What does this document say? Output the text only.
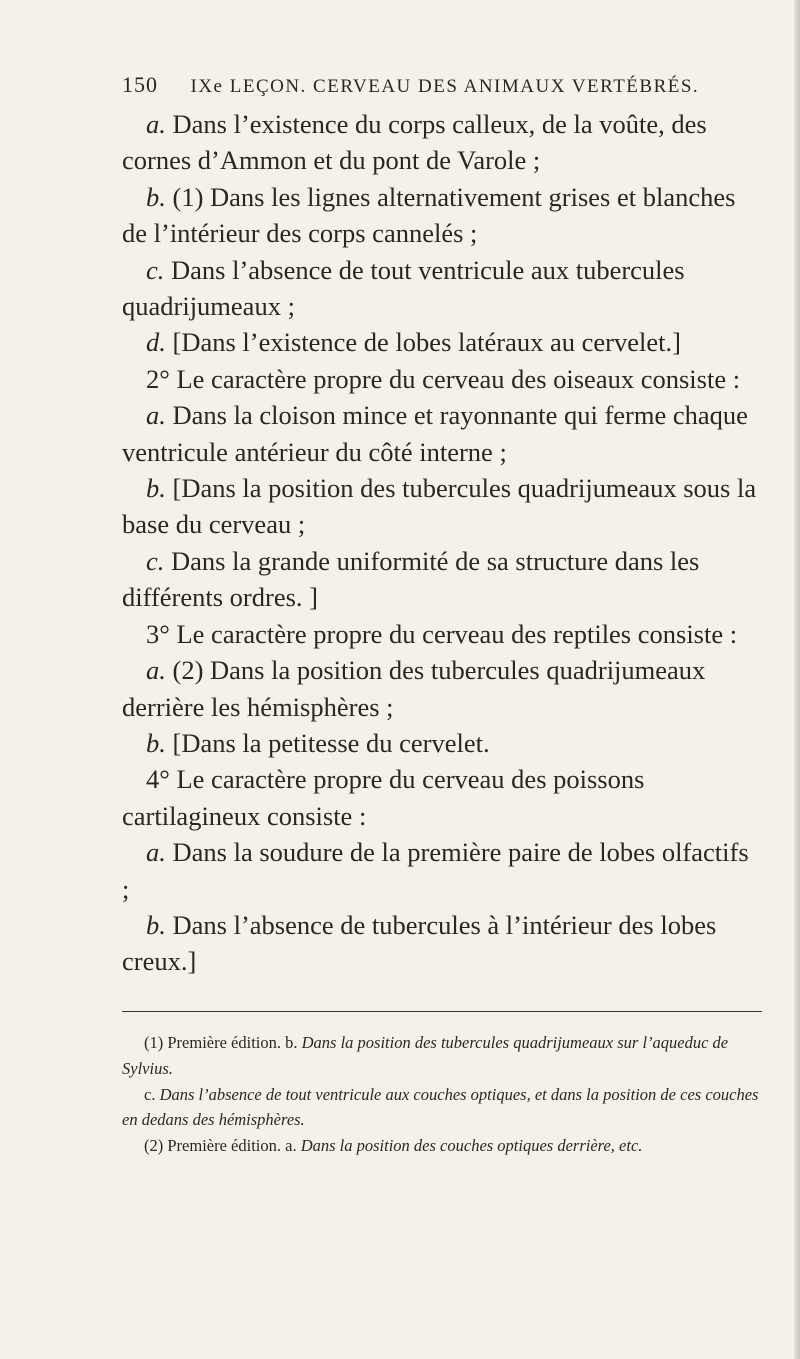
150 IXe LEÇON. CERVEAU DES ANIMAUX VERTÉBRÉS.

a. Dans l’existence du corps calleux, de la voûte, des cornes d’Ammon et du pont de Varole ;

b. (1) Dans les lignes alternativement grises et blanches de l’intérieur des corps cannelés ;

c. Dans l’absence de tout ventricule aux tubercules quadrijumeaux ;

d. [Dans l’existence de lobes latéraux au cervelet.]

2° Le caractère propre du cerveau des oiseaux consiste :

a. Dans la cloison mince et rayonnante qui ferme chaque ventricule antérieur du côté interne ;

b. [Dans la position des tubercules quadrijumeaux sous la base du cerveau ;

c. Dans la grande uniformité de sa structure dans les différents ordres. ]

3° Le caractère propre du cerveau des reptiles consiste :

a. (2) Dans la position des tubercules quadrijumeaux derrière les hémisphères ;

b. [Dans la petitesse du cervelet.

4° Le caractère propre du cerveau des poissons cartilagineux consiste :

a. Dans la soudure de la première paire de lobes olfactifs ;

b. Dans l’absence de tubercules à l’intérieur des lobes creux.]

(1) Première édition. b. Dans la position des tubercules quadrijumeaux sur l’aqueduc de Sylvius.

c. Dans l’absence de tout ventricule aux couches optiques, et dans la position de ces couches en dedans des hémisphères.

(2) Première édition. a. Dans la position des couches optiques derrière, etc.
